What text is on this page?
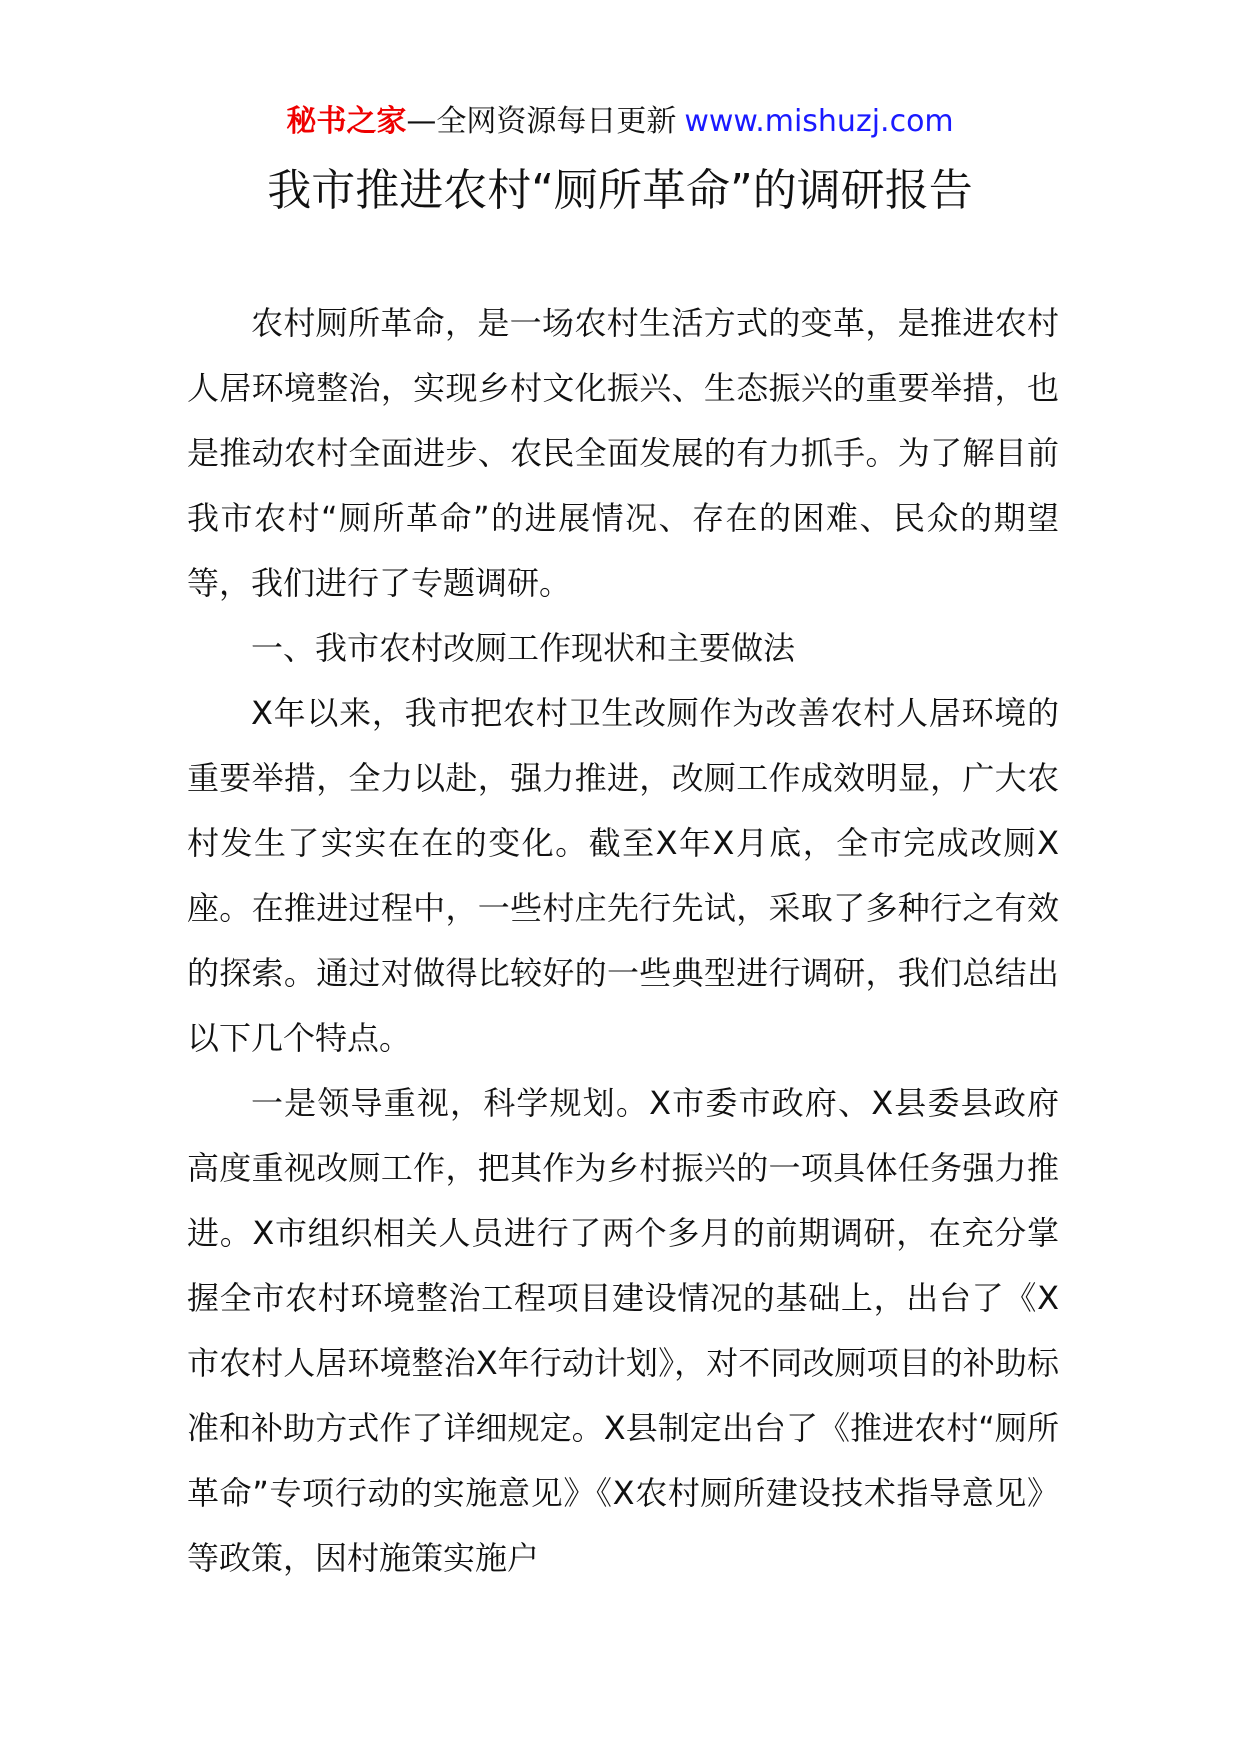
秘书之家—全网资源每日更新 www.mishuzj.com
我市推进农村“厕所革命”的调研报告

农村厕所革命，是一场农村生活方式的变革，是推进农村人居环境整治，实现乡村文化振兴、生态振兴的重要举措，也是推动农村全面进步、农民全面发展的有力抓手。为了解目前我市农村“厕所革命”的进展情况、存在的困难、民众的期望等，我们进行了专题调研。

一、我市农村改厕工作现状和主要做法

X年以来，我市把农村卫生改厕作为改善农村人居环境的重要举措，全力以赴，强力推进，改厕工作成效明显，广大农村发生了实实在在的变化。截至X年X月底，全市完成改厕X座。在推进过程中，一些村庄先行先试，采取了多种行之有效的探索。通过对做得比较好的一些典型进行调研，我们总结出以下几个特点。

一是领导重视，科学规划。X市委市政府、X县委县政府高度重视改厕工作，把其作为乡村振兴的一项具体任务强力推进。X市组织相关人员进行了两个多月的前期调研，在充分掌握全市农村环境整治工程项目建设情况的基础上，出台了《X市农村人居环境整治X年行动计划》，对不同改厕项目的补助标准和补助方式作了详细规定。X县制定出台了《推进农村“厕所革命”专项行动的实施意见》《X农村厕所建设技术指导意见》等政策，因村施策实施户
